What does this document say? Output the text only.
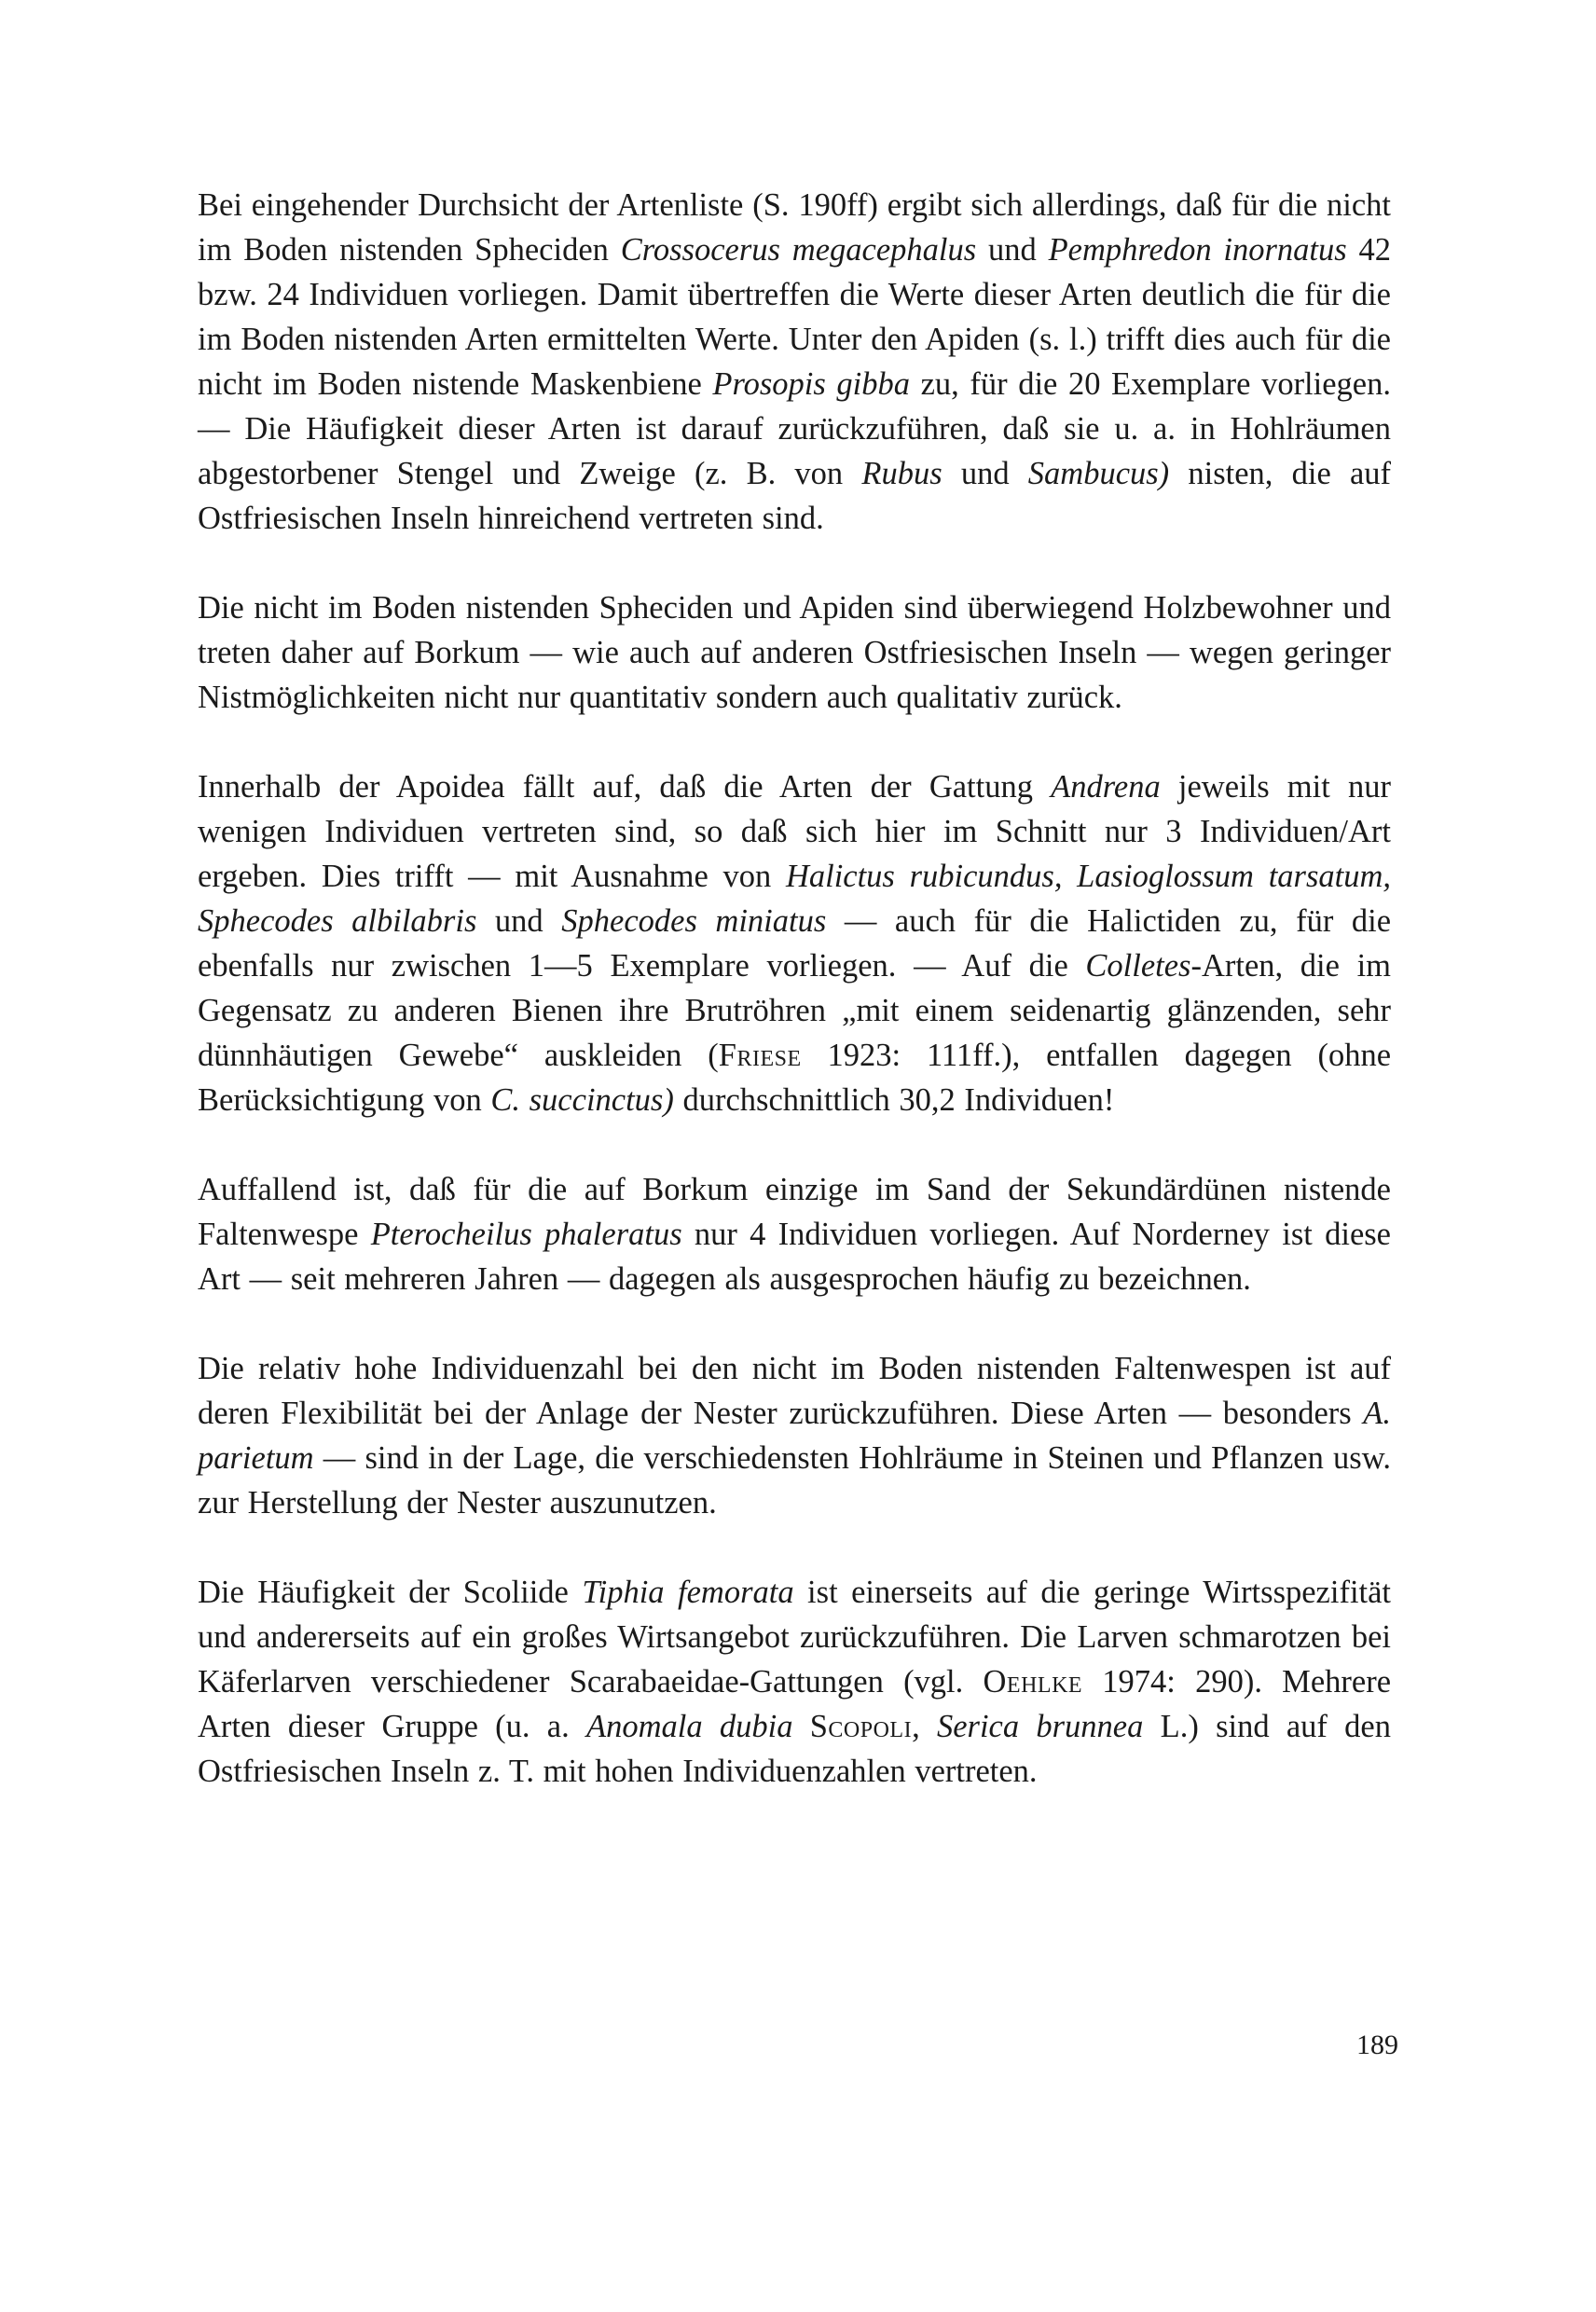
Bei eingehender Durchsicht der Artenliste (S. 190ff) ergibt sich allerdings, daß für die nicht im Boden nistenden Spheciden Crossocerus megacephalus und Pemphredon inornatus 42 bzw. 24 Individuen vorliegen. Damit übertreffen die Werte dieser Arten deutlich die für die im Boden nistenden Arten ermittelten Werte. Unter den Apiden (s. l.) trifft dies auch für die nicht im Boden nistende Maskenbiene Prosopis gibba zu, für die 20 Exemplare vorliegen. — Die Häufigkeit dieser Arten ist darauf zurückzuführen, daß sie u. a. in Hohlräumen abgestorbener Stengel und Zweige (z. B. von Rubus und Sambucus) nisten, die auf Ostfriesischen Inseln hinreichend vertreten sind.

Die nicht im Boden nistenden Spheciden und Apiden sind überwiegend Holzbewohner und treten daher auf Borkum — wie auch auf anderen Ostfriesischen Inseln — wegen geringer Nistmöglichkeiten nicht nur quantitativ sondern auch qualitativ zurück.

Innerhalb der Apoidea fällt auf, daß die Arten der Gattung Andrena jeweils mit nur wenigen Individuen vertreten sind, so daß sich hier im Schnitt nur 3 Individuen/Art ergeben. Dies trifft — mit Ausnahme von Halictus rubicundus, Lasioglossum tarsatum, Sphecodes albilabris und Sphecodes miniatus — auch für die Halictiden zu, für die ebenfalls nur zwischen 1—5 Exemplare vorliegen. — Auf die Colletes-Arten, die im Gegensatz zu anderen Bienen ihre Brutröhren „mit einem seidenartig glänzenden, sehr dünnhäutigen Gewebe“ auskleiden (Friese 1923: 111ff.), entfallen dagegen (ohne Berücksichtigung von C. succinctus) durchschnittlich 30,2 Individuen!

Auffallend ist, daß für die auf Borkum einzige im Sand der Sekundärdünen nistende Faltenwespe Pterocheilus phaleratus nur 4 Individuen vorliegen. Auf Norderney ist diese Art — seit mehreren Jahren — dagegen als ausgesprochen häufig zu bezeichnen.

Die relativ hohe Individuenzahl bei den nicht im Boden nistenden Faltenwespen ist auf deren Flexibilität bei der Anlage der Nester zurückzuführen. Diese Arten — besonders A. parietum — sind in der Lage, die verschiedensten Hohlräume in Steinen und Pflanzen usw. zur Herstellung der Nester auszunutzen.

Die Häufigkeit der Scoliide Tiphia femorata ist einerseits auf die geringe Wirtsspezifität und andererseits auf ein großes Wirtsangebot zurückzuführen. Die Larven schmarotzen bei Käferlarven verschiedener Scarabaeidae-Gattungen (vgl. Oehlke 1974: 290). Mehrere Arten dieser Gruppe (u. a. Anomala dubia Scopoli, Serica brunnea L.) sind auf den Ostfriesischen Inseln z. T. mit hohen Individuenzahlen vertreten.

189
